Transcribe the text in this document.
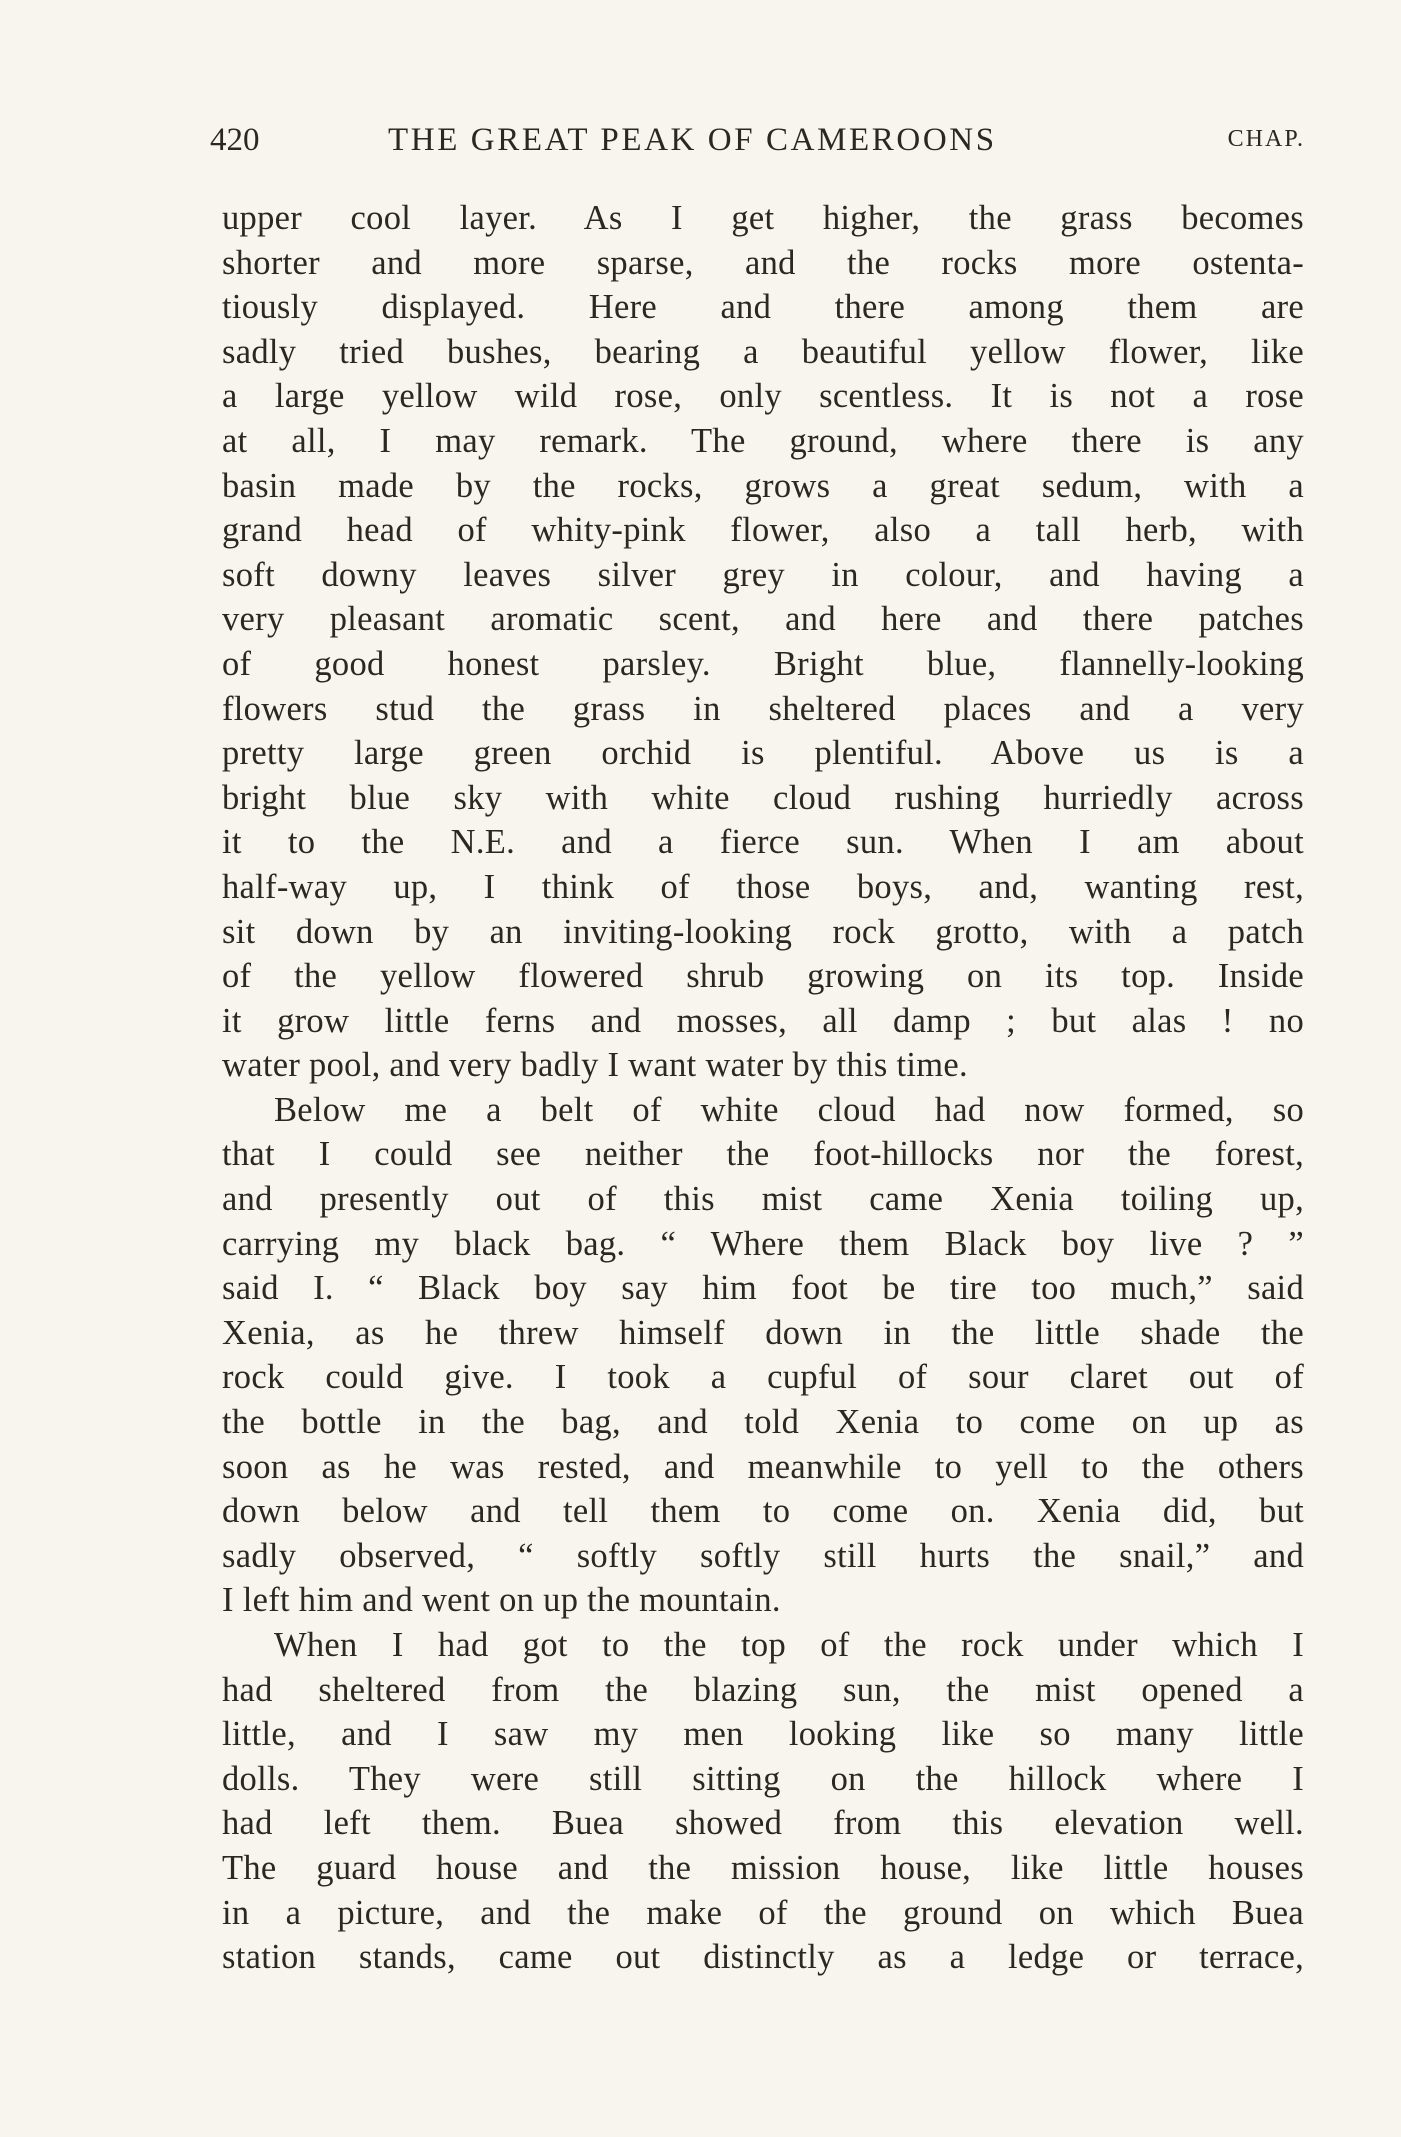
420	THE GREAT PEAK OF CAMEROONS	CHAP.
upper cool layer. As I get higher, the grass becomes
shorter and more sparse, and the rocks more ostenta-
tiously displayed. Here and there among them are
sadly tried bushes, bearing a beautiful yellow flower, like
a large yellow wild rose, only scentless. It is not a rose
at all, I may remark. The ground, where there is any
basin made by the rocks, grows a great sedum, with a
grand head of whity-pink flower, also a tall herb, with
soft downy leaves silver grey in colour, and having a
very pleasant aromatic scent, and here and there patches
of good honest parsley. Bright blue, flannelly-looking
flowers stud the grass in sheltered places and a very
pretty large green orchid is plentiful. Above us is a
bright blue sky with white cloud rushing hurriedly across
it to the N.E. and a fierce sun. When I am about
half-way up, I think of those boys, and, wanting rest,
sit down by an inviting-looking rock grotto, with a patch
of the yellow flowered shrub growing on its top. Inside
it grow little ferns and mosses, all damp ; but alas ! no
water pool, and very badly I want water by this time.
Below me a belt of white cloud had now formed, so
that I could see neither the foot-hillocks nor the forest,
and presently out of this mist came Xenia toiling up,
carrying my black bag. “ Where them Black boy live ? ”
said I. “ Black boy say him foot be tire too much,” said
Xenia, as he threw himself down in the little shade the
rock could give. I took a cupful of sour claret out of
the bottle in the bag, and told Xenia to come on up as
soon as he was rested, and meanwhile to yell to the others
down below and tell them to come on. Xenia did, but
sadly observed, “ softly softly still hurts the snail,” and
I left him and went on up the mountain.
When I had got to the top of the rock under which I
had sheltered from the blazing sun, the mist opened a
little, and I saw my men looking like so many little
dolls. They were still sitting on the hillock where I
had left them. Buea showed from this elevation well.
The guard house and the mission house, like little houses
in a picture, and the make of the ground on which Buea
station stands, came out distinctly as a ledge or terrace,
